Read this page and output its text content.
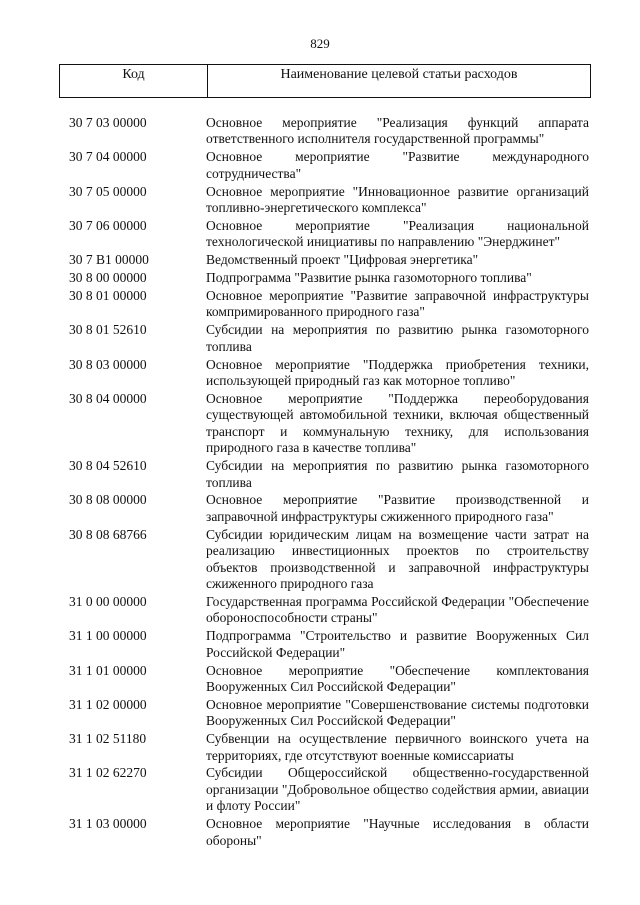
829
Код	Наименование целевой статьи расходов
30 7 03 00000	Основное мероприятие "Реализация функций аппарата ответственного исполнителя государственной программы"
30 7 04 00000	Основное мероприятие "Развитие международного сотрудничества"
30 7 05 00000	Основное мероприятие "Инновационное развитие организаций топливно-энергетического комплекса"
30 7 06 00000	Основное мероприятие "Реализация национальной технологической инициативы по направлению "Энерджинет"
30 7 B1 00000	Ведомственный проект "Цифровая энергетика"
30 8 00 00000	Подпрограмма "Развитие рынка газомоторного топлива"
30 8 01 00000	Основное мероприятие "Развитие заправочной инфраструктуры компримированного природного газа"
30 8 01 52610	Субсидии на мероприятия по развитию рынка газомоторного топлива
30 8 03 00000	Основное мероприятие "Поддержка приобретения техники, использующей природный газ как моторное топливо"
30 8 04 00000	Основное мероприятие "Поддержка переоборудования существующей автомобильной техники, включая общественный транспорт и коммунальную технику, для использования природного газа в качестве топлива"
30 8 04 52610	Субсидии на мероприятия по развитию рынка газомоторного топлива
30 8 08 00000	Основное мероприятие "Развитие производственной и заправочной инфраструктуры сжиженного природного газа"
30 8 08 68766	Субсидии юридическим лицам на возмещение части затрат на реализацию инвестиционных проектов по строительству объектов производственной и заправочной инфраструктуры сжиженного природного газа
31 0 00 00000	Государственная программа Российской Федерации "Обеспечение обороноспособности страны"
31 1 00 00000	Подпрограмма "Строительство и развитие Вооруженных Сил Российской Федерации"
31 1 01 00000	Основное мероприятие "Обеспечение комплектования Вооруженных Сил Российской Федерации"
31 1 02 00000	Основное мероприятие "Совершенствование системы подготовки Вооруженных Сил Российской Федерации"
31 1 02 51180	Субвенции на осуществление первичного воинского учета на территориях, где отсутствуют военные комиссариаты
31 1 02 62270	Субсидии Общероссийской общественно-государственной организации "Добровольное общество содействия армии, авиации и флоту России"
31 1 03 00000	Основное мероприятие "Научные исследования в области обороны"
